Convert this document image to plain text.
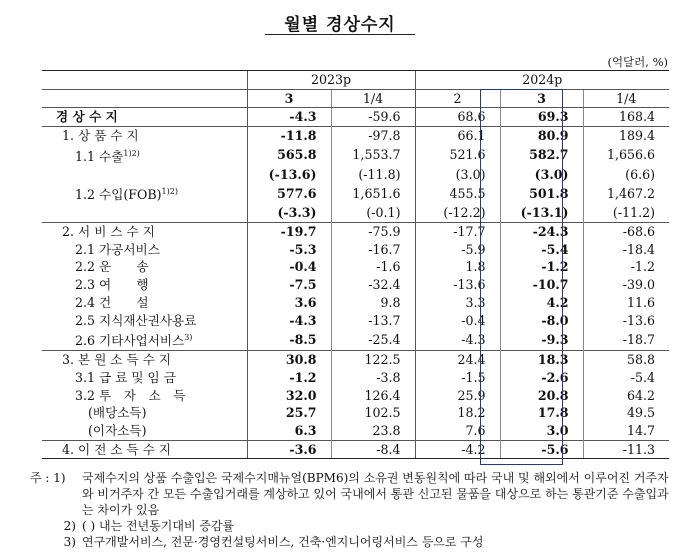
월별 경상수지
(억달러, %)
	2023p		2024p		
	3	1/4	2	3	1/4
경 상 수 지	-4.3	-59.6	68.6	69.3	168.4
1. 상 품 수 지	-11.8	-97.8	66.1	80.9	189.4
1.1 수출$^{1)2)}$	565.8	1,553.7	521.6	582.7	1,656.6
	(-13.6)	(-11.8)	(3.0)	(3.0)	(6.6)
1.2 수입(FOB)$^{1)2)}$	577.6	1,651.6	455.5	501.8	1,467.2
	(-3.3)	(-0.1)	(-12.2)	(-13.1)	(-11.2)
2. 서 비 스 수 지	-19.7	-75.9	-17.7	-24.3	-68.6
2.1 가공서비스	-5.3	-16.7	-5.9	-5.4	-18.4
2.2 운　　송	-0.4	-1.6	1.8	-1.2	-1.2
2.3 여　　행	-7.5	-32.4	-13.6	-10.7	-39.0
2.4 건　　설	3.6	9.8	3.3	4.2	11.6
2.5 지식재산권사용료	-4.3	-13.7	-0.4	-8.0	-13.6
2.6 기타사업서비스$^{3)}$	-8.5	-25.4	-4.3	-9.3	-18.7
3. 본 원 소 득 수 지	30.8	122.5	24.4	18.3	58.8
3.1 급 료 및 임 금	-1.2	-3.8	-1.5	-2.6	-5.4
3.2 투　자　소　득	32.0	126.4	25.9	20.8	64.2
(배당소득)	25.7	102.5	18.2	17.8	49.5
(이자소득)	6.3	23.8	7.6	3.0	14.7
4. 이 전 소 득 수 지	-3.6	-8.4	-4.2	-5.6	-11.3
주 : 1)	국제수지의 상품 수출입은 국제수지매뉴얼(BPM6)의 소유권 변동원칙에 따라 국내 및 해외에서 이루어진 거주자와 비거주자 간 모든 수출입거래를 계상하고 있어 국내에서 통관 신고된 물품을 대상으로 하는 통관기준 수출입과는 차이가 있음
2) ( ) 내는 전년동기대비 증감률
3) 연구개발서비스, 전문·경영컨설팅서비스, 건축·엔지니어링서비스 등으로 구성
